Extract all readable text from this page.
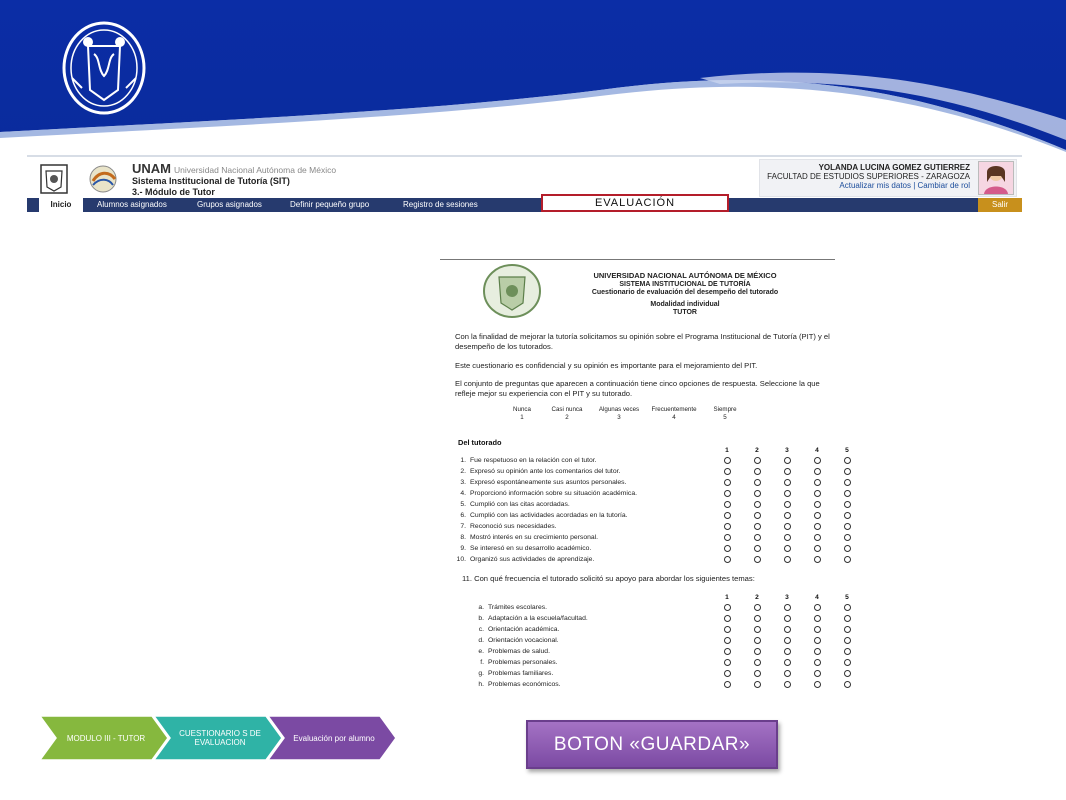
UNAM Universidad Nacional Autónoma de México
Sistema Institucional de Tutoría (SIT)
3.- Módulo de Tutor
YOLANDA LUCINA GOMEZ GUTIERREZ
FACULTAD DE ESTUDIOS SUPERIORES - ZARAGOZA
Actualizar mis datos | Cambiar de rol
Inicio	Alumnos asignados	Grupos asignados	Definir pequeño grupo	Registro de sesiones	Salir
EVALUACIÓN
UNIVERSIDAD NACIONAL AUTÓNOMA DE MÉXICO
SISTEMA INSTITUCIONAL DE TUTORÍA
Cuestionario de evaluación del desempeño del tutorado
Modalidad individual
TUTOR
Con la finalidad de mejorar la tutoría solicitamos su opinión sobre el Programa Institucional de Tutoría (PIT) y el desempeño de los tutorados.
Este cuestionario es confidencial y su opinión es importante para el mejoramiento del PIT.
El conjunto de preguntas que aparecen a continuación tiene cinco opciones de respuesta. Seleccione la que refleje mejor su experiencia con el PIT y su tutorado.
Nunca
1
Casi nunca
2
Algunas veces
3
Frecuentemente
4
Siempre
5
Del tutorado
1	2	3	4	5
1. Fue respetuoso en la relación con el tutor.
2. Expresó su opinión ante los comentarios del tutor.
3. Expresó espontáneamente sus asuntos personales.
4. Proporcionó información sobre su situación académica.
5. Cumplió con las citas acordadas.
6. Cumplió con las actividades acordadas en la tutoría.
7. Reconoció sus necesidades.
8. Mostró interés en su crecimiento personal.
9. Se interesó en su desarrollo académico.
10. Organizó sus actividades de aprendizaje.
11. Con qué frecuencia el tutorado solicitó su apoyo para abordar los siguientes temas:
1	2	3	4	5
a. Trámites escolares.
b. Adaptación a la escuela/facultad.
c. Orientación académica.
d. Orientación vocacional.
e. Problemas de salud.
f. Problemas personales.
g. Problemas familiares.
h. Problemas económicos.
MODULO III - TUTOR	CUESTIONARIO S DE EVALUACION	Evaluación por alumno	BOTON «GUARDAR»
